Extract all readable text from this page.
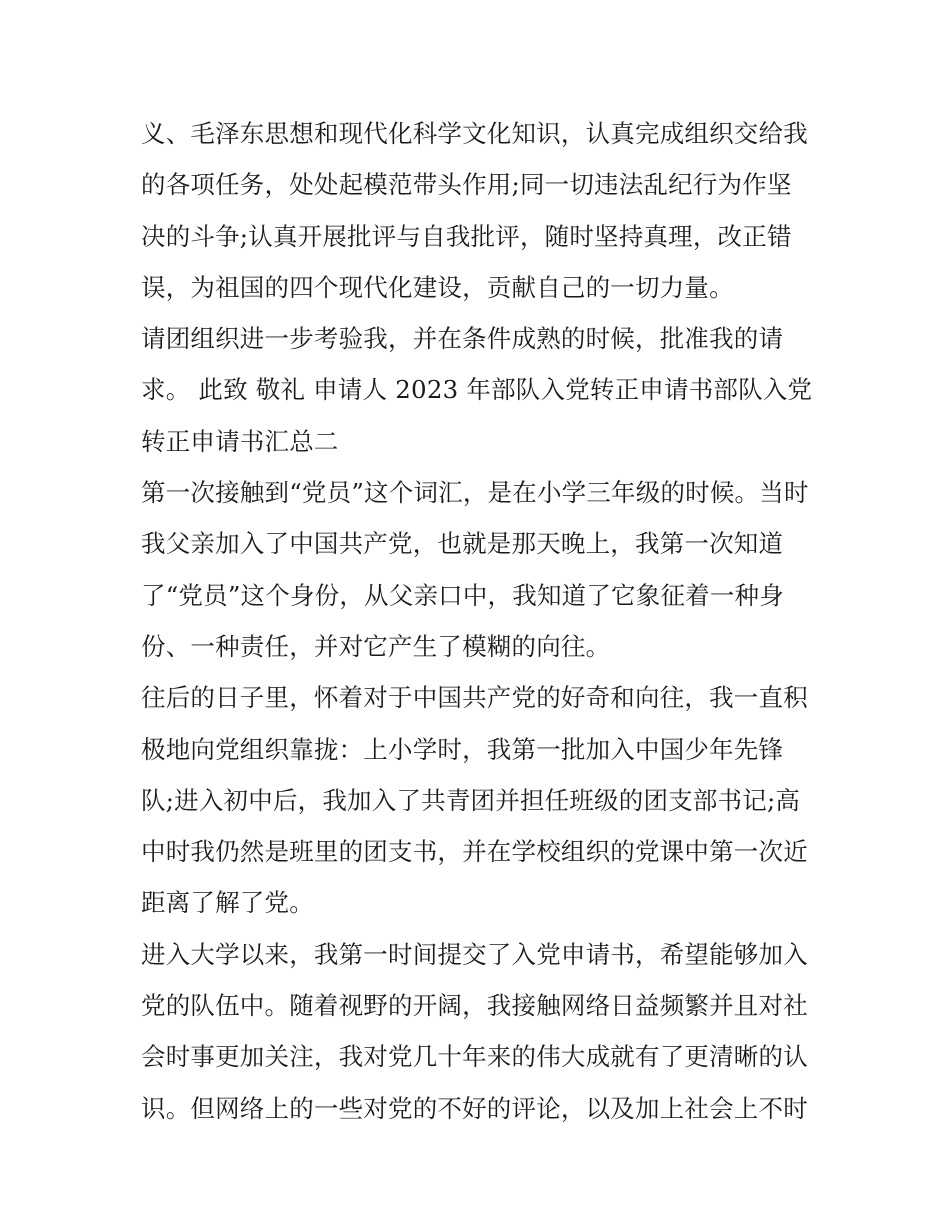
义、毛泽东思想和现代化科学文化知识，认真完成组织交给我
的各项任务，处处起模范带头作用;同一切违法乱纪行为作坚
决的斗争;认真开展批评与自我批评，随时坚持真理，改正错
误，为祖国的四个现代化建设，贡献自己的一切力量。
请团组织进一步考验我，并在条件成熟的时候，批准我的请
求。 此致 敬礼 申请人 2023 年部队入党转正申请书部队入党
转正申请书汇总二
第一次接触到“党员”这个词汇，是在小学三年级的时候。当时
我父亲加入了中国共产党，也就是那天晚上，我第一次知道
了“党员”这个身份，从父亲口中，我知道了它象征着一种身
份、一种责任，并对它产生了模糊的向往。
往后的日子里，怀着对于中国共产党的好奇和向往，我一直积
极地向党组织靠拢：上小学时，我第一批加入中国少年先锋
队;进入初中后，我加入了共青团并担任班级的团支部书记;高
中时我仍然是班里的团支书，并在学校组织的党课中第一次近
距离了解了党。
进入大学以来，我第一时间提交了入党申请书，希望能够加入
党的队伍中。随着视野的开阔，我接触网络日益频繁并且对社
会时事更加关注，我对党几十年来的伟大成就有了更清晰的认
识。但网络上的一些对党的不好的评论，以及加上社会上不时
